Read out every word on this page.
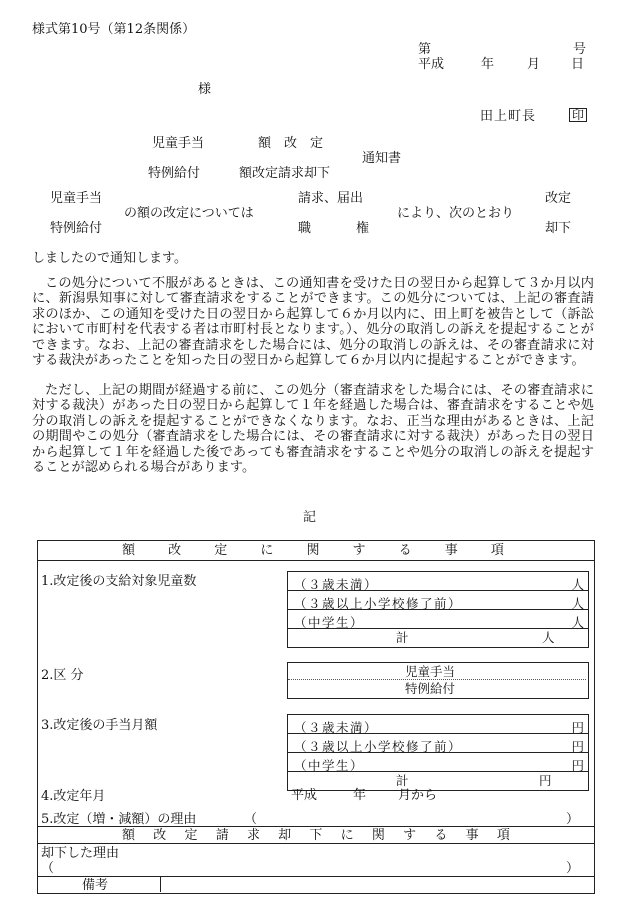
様式第10号（第12条関係）
第	号
平成	年	月 日
様
田上町長	印
児童手当
特例給付
額　改　定
額改定請求却下
通知書
児童手当
特例給付
の額の改定については
請求、届出
職	権
により、次のとおり
改定
却下
しましたので通知します。
この処分について不服があるときは、この通知書を受けた日の翌日から起算して３か月以内に、新潟県知事に対して審査請求をすることができます。この処分については、上記の審査請求のほか、この通知を受けた日の翌日から起算して６か月以内に、田上町を被告として（訴訟において市町村を代表する者は市町村長となります。）、処分の取消しの訴えを提起することができます。なお、上記の審査請求をした場合には、処分の取消しの訴えは、その審査請求に対する裁決があったことを知った日の翌日から起算して６か月以内に提起することができます。
ただし、上記の期間が経過する前に、この処分（審査請求をした場合には、その審査請求に対する裁決）があった日の翌日から起算して１年を経過した場合は、審査請求をすることや処分の取消しの訴えを提起することができなくなります。なお、正当な理由があるときは、上記の期間やこの処分（審査請求をした場合には、その審査請求に対する裁決）があった日の翌日から起算して１年を経過した後であっても審査請求をすることや処分の取消しの訴えを提起することが認められる場合があります。
記
額	改	定	に	関	す	る	事	項
1.改定後の支給対象児童数	（３歳未満）	人
（３歳以上小学校修了前）	人
（中学生）	人
計	人
2.区 分	児童手当
特例給付
3.改定後の手当月額	（３歳未満）	円
（３歳以上小学校修了前）	円
（中学生）	円
計	円
4.改定年月	平成	年 月から
5.改定（増・減額）の理由	（	）
額 改 定 請 求 却 下 に 関 す る 事 項
却下した理由
（	）
備考
